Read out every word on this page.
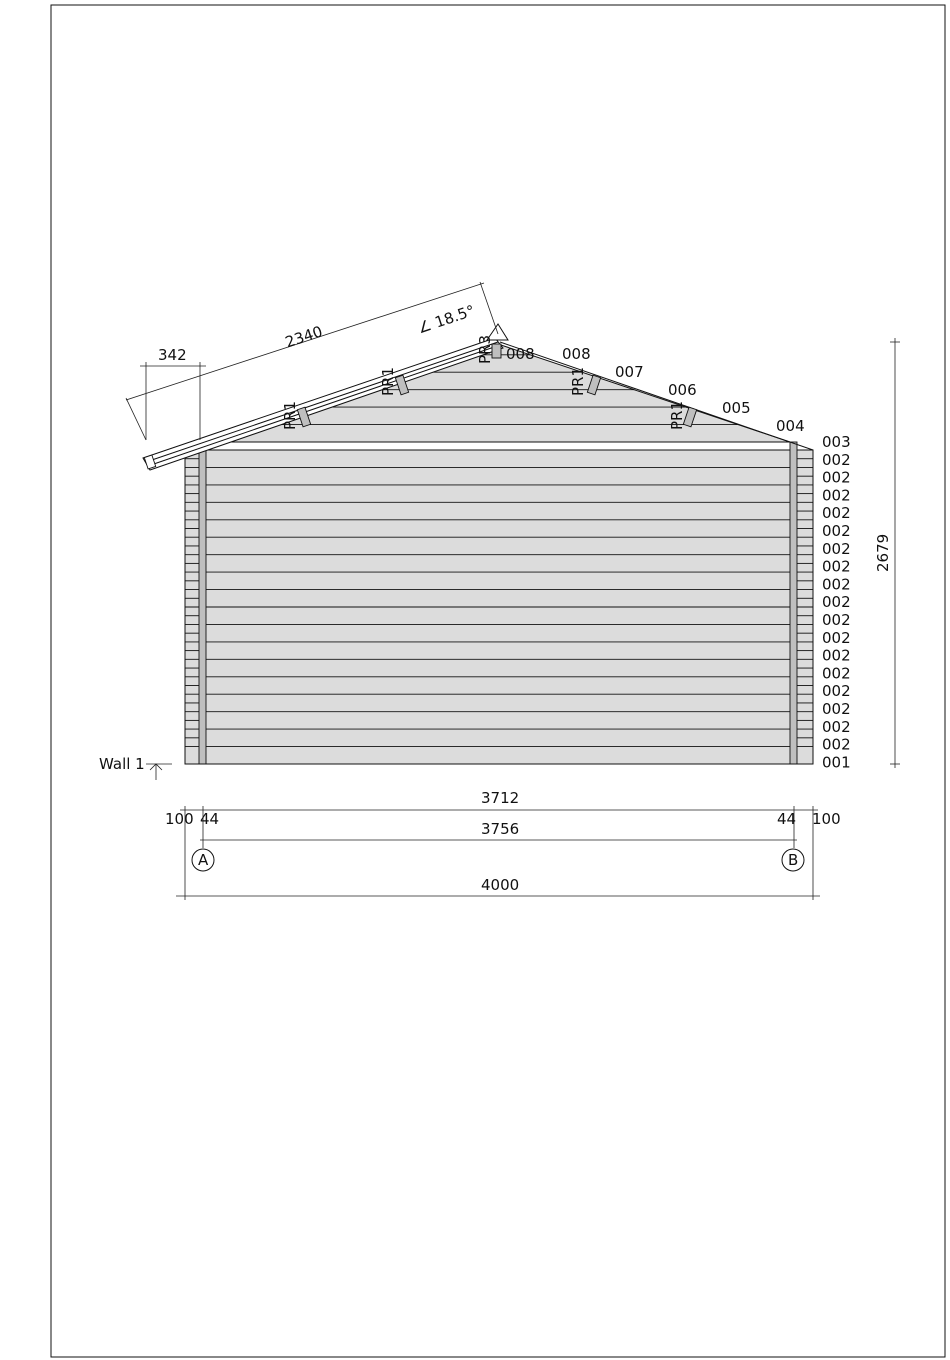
2340	∠ 18.5°
342
PR1
PR1
PR3
PR1
PR1
008 008
007
006
005
004
003
002
002
002
002
002
002
002
002
002
002
002
002
002
002
002
002
002
001
2679
Wall 1
3712
3756
4000
100 44	44 100
A	B
